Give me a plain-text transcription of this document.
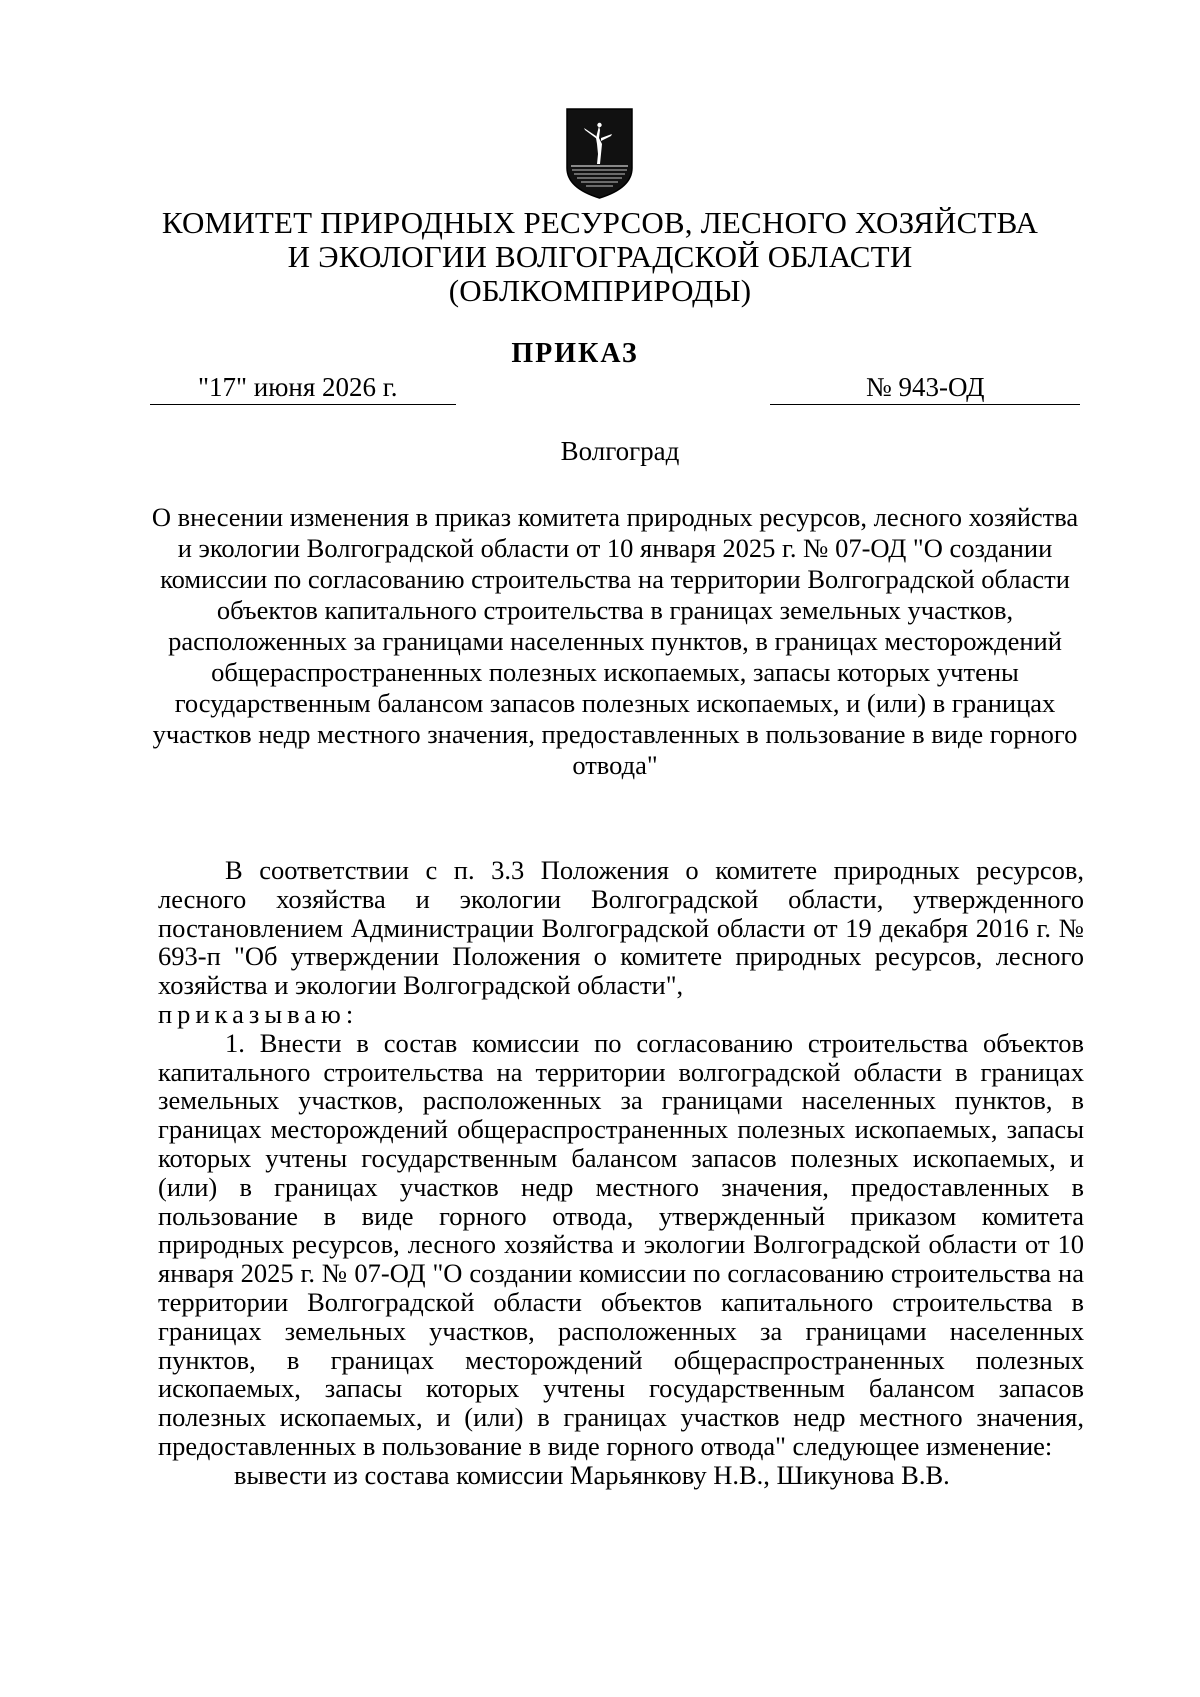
КОМИТЕТ ПРИРОДНЫХ РЕСУРСОВ, ЛЕСНОГО ХОЗЯЙСТВА
И ЭКОЛОГИИ ВОЛГОГРАДСКОЙ ОБЛАСТИ
(ОБЛКОМПРИРОДЫ)
ПРИКАЗ
"17" июня 2026 г.	№ 943-ОД
Волгоград
О внесении изменения в приказ комитета природных ресурсов, лесного хозяйства и экологии Волгоградской области от 10 января 2025 г. № 07-ОД "О создании комиссии по согласованию строительства на территории Волгоградской области объектов капитального строительства в границах земельных участков, расположенных за границами населенных пунктов, в границах месторождений общераспространенных полезных ископаемых, запасы которых учтены государственным балансом запасов полезных ископаемых, и (или) в границах участков недр местного значения, предоставленных в пользование в виде горного отвода"

В соответствии с п. 3.3 Положения о комитете природных ресурсов, лесного хозяйства и экологии Волгоградской области, утвержденного постановлением Администрации Волгоградской области от 19 декабря 2016 г. № 693-п "Об утверждении Положения о комитете природных ресурсов, лесного хозяйства и экологии Волгоградской области",

приказываю:

1. Внести в состав комиссии по согласованию строительства объектов капитального строительства на территории волгоградской области в границах земельных участков, расположенных за границами населенных пунктов, в границах месторождений общераспространенных полезных ископаемых, запасы которых учтены государственным балансом запасов полезных ископаемых, и (или) в границах участков недр местного значения, предоставленных в пользование в виде горного отвода, утвержденный приказом комитета природных ресурсов, лесного хозяйства и экологии Волгоградской области от 10 января 2025 г. № 07-ОД "О создании комиссии по согласованию строительства на территории Волгоградской области объектов капитального строительства в границах земельных участков, расположенных за границами населенных пунктов, в границах месторождений общераспространенных полезных ископаемых, запасы которых учтены государственным балансом запасов полезных ископаемых, и (или) в границах участков недр местного значения, предоставленных в пользование в виде горного отвода" следующее изменение:

вывести из состава комиссии Марьянкову Н.В., Шикунова В.В.
